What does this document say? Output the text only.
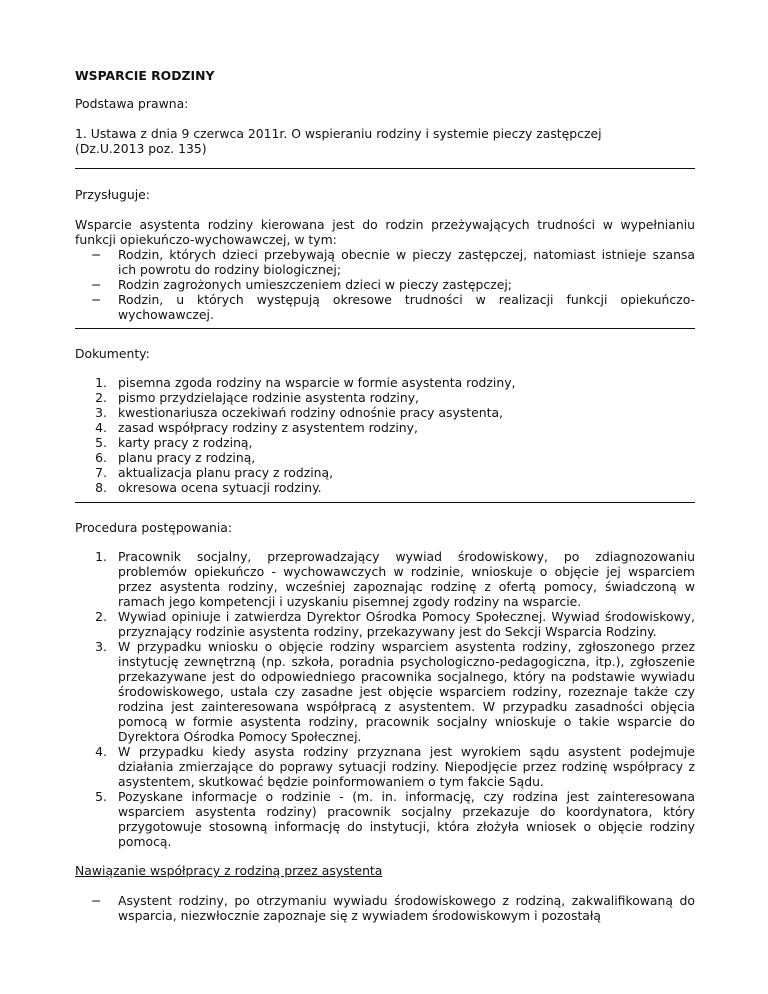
WSPARCIE RODZINY
Podstawa prawna:
1. Ustawa z dnia 9 czerwca 2011r. O wspieraniu rodziny i systemie pieczy zastępczej
(Dz.U.2013 poz. 135)
Przysługuje:
Wsparcie asystenta rodziny kierowana jest do rodzin przeżywających trudności w wypełnianiu funkcji opiekuńczo-wychowawczej, w tym:
− Rodzin, których dzieci przebywają obecnie w pieczy zastępczej, natomiast istnieje szansa ich powrotu do rodziny biologicznej;
− Rodzin zagrożonych umieszczeniem dzieci w pieczy zastępczej;
− Rodzin, u których występują okresowe trudności w realizacji funkcji opiekuńczo-wychowawczej.
Dokumenty:
pisemna zgoda rodziny na wsparcie w formie asystenta rodziny,
pismo przydzielające rodzinie asystenta rodziny,
kwestionariusza oczekiwań rodziny odnośnie pracy asystenta,
zasad współpracy rodziny z asystentem rodziny,
karty pracy z rodziną,
planu pracy z rodziną,
aktualizacja planu pracy z rodziną,
okresowa ocena sytuacji rodziny.
Procedura postępowania:
Pracownik socjalny, przeprowadzający wywiad środowiskowy, po zdiagnozowaniu problemów opiekuńczo - wychowawczych w rodzinie, wnioskuje o objęcie jej wsparciem przez asystenta rodziny, wcześniej zapoznając rodzinę z ofertą pomocy, świadczoną w ramach jego kompetencji i uzyskaniu pisemnej zgody rodziny na wsparcie.
Wywiad opiniuje i zatwierdza Dyrektor Ośrodka Pomocy Społecznej. Wywiad środowiskowy, przyznający rodzinie asystenta rodziny, przekazywany jest do Sekcji Wsparcia Rodziny.
W przypadku wniosku o objęcie rodziny wsparciem asystenta rodziny, zgłoszonego przez instytucję zewnętrzną (np. szkoła, poradnia psychologiczno-pedagogiczna, itp.), zgłoszenie przekazywane jest do odpowiedniego pracownika socjalnego, który na podstawie wywiadu środowiskowego, ustala czy zasadne jest objęcie wsparciem rodziny, rozeznaje także czy rodzina jest zainteresowana współpracą z asystentem. W przypadku zasadności objęcia pomocą w formie asystenta rodziny, pracownik socjalny wnioskuje o takie wsparcie do Dyrektora Ośrodka Pomocy Społecznej.
W przypadku kiedy asysta rodziny przyznana jest wyrokiem sądu asystent podejmuje działania zmierzające do poprawy sytuacji rodziny. Niepodjęcie przez rodzinę współpracy z asystentem, skutkować będzie poinformowaniem o tym fakcie Sądu.
Pozyskane informacje o rodzinie - (m. in. informację, czy rodzina jest zainteresowana wsparciem asystenta rodziny) pracownik socjalny przekazuje do koordynatora, który przygotowuje stosowną informację do instytucji, która złożyła wniosek o objęcie rodziny pomocą.
Nawiązanie współpracy z rodziną przez asystenta
− Asystent rodziny, po otrzymaniu wywiadu środowiskowego z rodziną, zakwalifikowaną do wsparcia, niezwłocznie zapoznaje się z wywiadem środowiskowym i pozostałą
